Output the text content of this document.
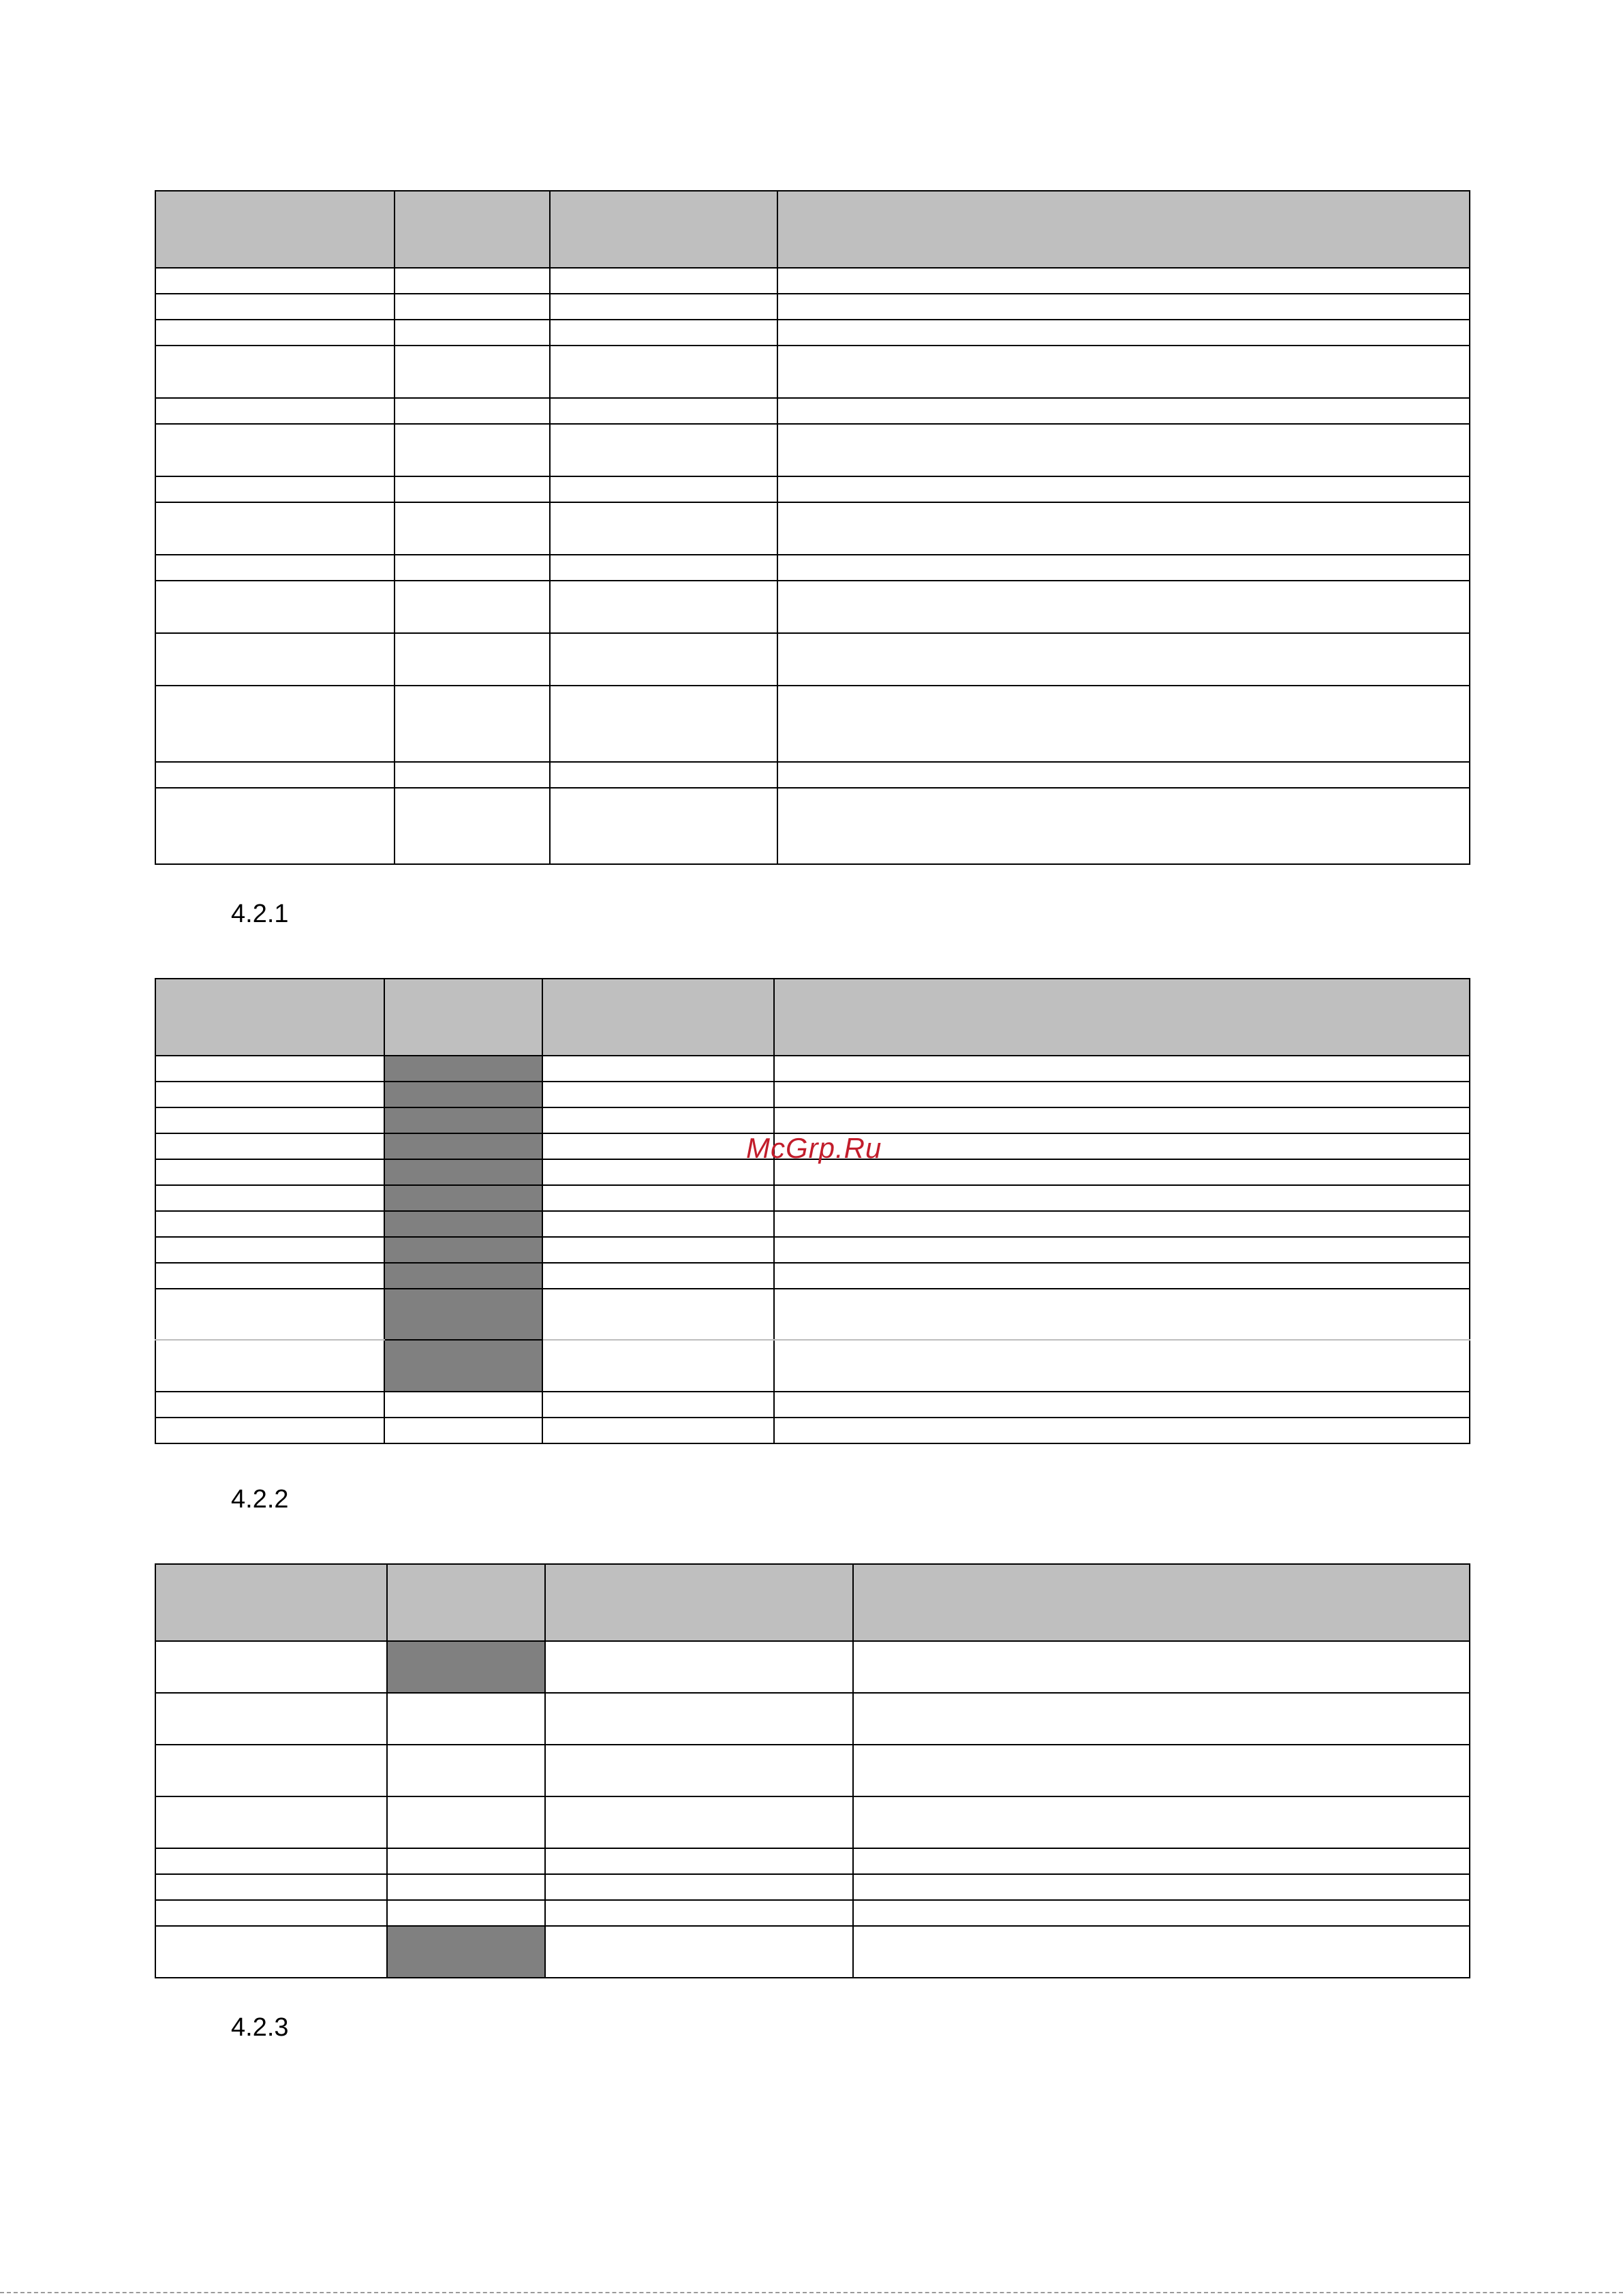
4.2.1

McGrp.Ru
4.2.2

4.2.3
